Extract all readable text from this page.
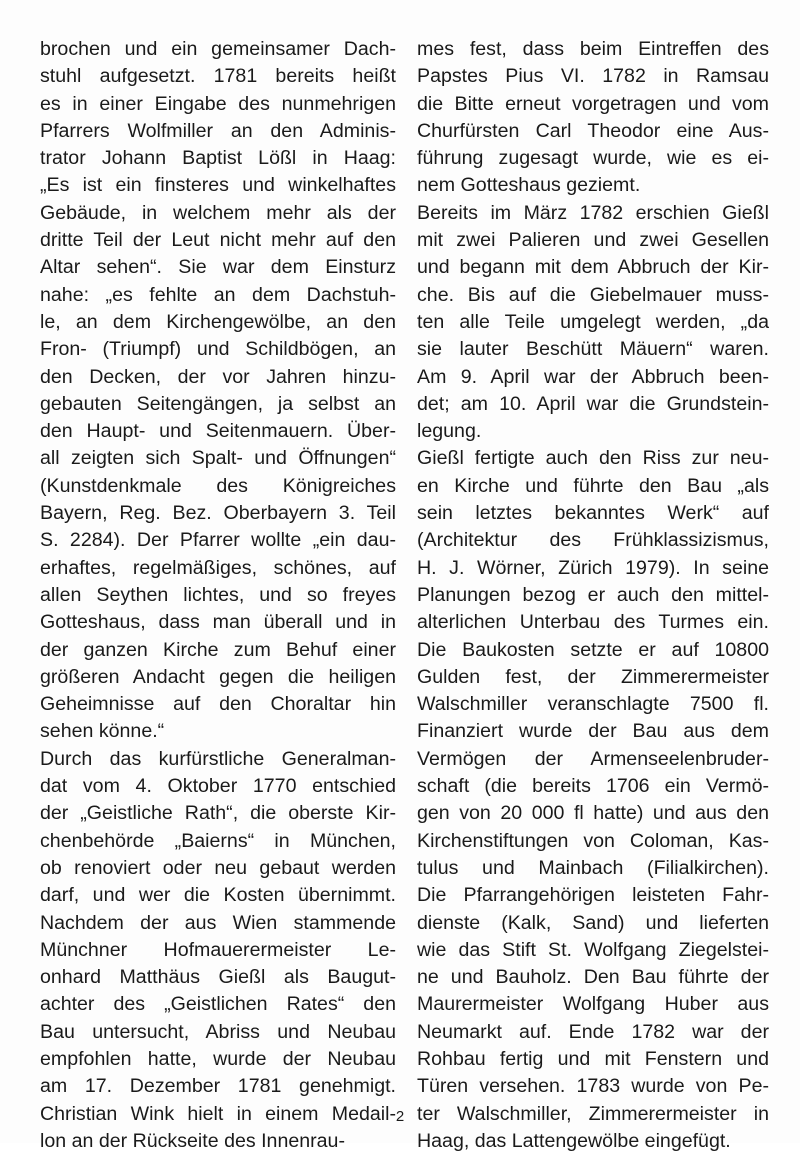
brochen und ein gemeinsamer Dach-
stuhl aufgesetzt. 1781 bereits heißt
es in einer Eingabe des nunmehrigen
Pfarrers Wolfmiller an den Adminis-
trator Johann Baptist Lößl in Haag:
„Es ist ein finsteres und winkelhaftes
Gebäude, in welchem mehr als der
dritte Teil der Leut nicht mehr auf den
Altar sehen“. Sie war dem Einsturz
nahe: „es fehlte an dem Dachstuh-
le, an dem Kirchengewölbe, an den
Fron- (Triumpf) und Schildbögen, an
den Decken, der vor Jahren hinzu-
gebauten Seitengängen, ja selbst an
den Haupt- und Seitenmauern. Über-
all zeigten sich Spalt- und Öffnungen“
(Kunstdenkmale des Königreiches
Bayern, Reg. Bez. Oberbayern 3. Teil
S. 2284). Der Pfarrer wollte „ein dau-
erhaftes, regelmäßiges, schönes, auf
allen Seythen lichtes, und so freyes
Gotteshaus, dass man überall und in
der ganzen Kirche zum Behuf einer
größeren Andacht gegen die heiligen
Geheimnisse auf den Choraltar hin
sehen könne.“
Durch das kurfürstliche Generalman-
dat vom 4. Oktober 1770 entschied
der „Geistliche Rath“, die oberste Kir-
chenbehörde „Baierns“ in München,
ob renoviert oder neu gebaut werden
darf, und wer die Kosten übernimmt.
Nachdem der aus Wien stammende
Münchner Hofmauerermeister Le-
onhard Matthäus Gießl als Baugut-
achter des „Geistlichen Rates“ den
Bau untersucht, Abriss und Neubau
empfohlen hatte, wurde der Neubau
am 17. Dezember 1781 genehmigt.
Christian Wink hielt in einem Medail-
lon an der Rückseite des Innenrau-
mes fest, dass beim Eintreffen des
Papstes Pius VI. 1782 in Ramsau
die Bitte erneut vorgetragen und vom
Churfürsten Carl Theodor eine Aus-
führung zugesagt wurde, wie es ei-
nem Gotteshaus geziemt.
Bereits im März 1782 erschien Gießl
mit zwei Palieren und zwei Gesellen
und begann mit dem Abbruch der Kir-
che. Bis auf die Giebelmauer muss-
ten alle Teile umgelegt werden, „da
sie lauter Beschütt Mäuern“ waren.
Am 9. April war der Abbruch been-
det; am 10. April war die Grundstein-
legung.
Gießl fertigte auch den Riss zur neu-
en Kirche und führte den Bau „als
sein letztes bekanntes Werk“ auf
(Architektur des Frühklassizismus,
H. J. Wörner, Zürich 1979). In seine
Planungen bezog er auch den mittel-
alterlichen Unterbau des Turmes ein.
Die Baukosten setzte er auf 10800
Gulden fest, der Zimmerermeister
Walschmiller veranschlagte 7500 fl.
Finanziert wurde der Bau aus dem
Vermögen der Armenseelenbruder-
schaft (die bereits 1706 ein Vermö-
gen von 20 000 fl hatte) und aus den
Kirchenstiftungen von Coloman, Kas-
tulus und Mainbach (Filialkirchen).
Die Pfarrangehörigen leisteten Fahr-
dienste (Kalk, Sand) und lieferten
wie das Stift St. Wolfgang Ziegelstei-
ne und Bauholz. Den Bau führte der
Maurermeister Wolfgang Huber aus
Neumarkt auf. Ende 1782 war der
Rohbau fertig und mit Fenstern und
Türen versehen. 1783 wurde von Pe-
ter Walschmiller, Zimmerermeister in
Haag, das Lattengewölbe eingefügt.
2
